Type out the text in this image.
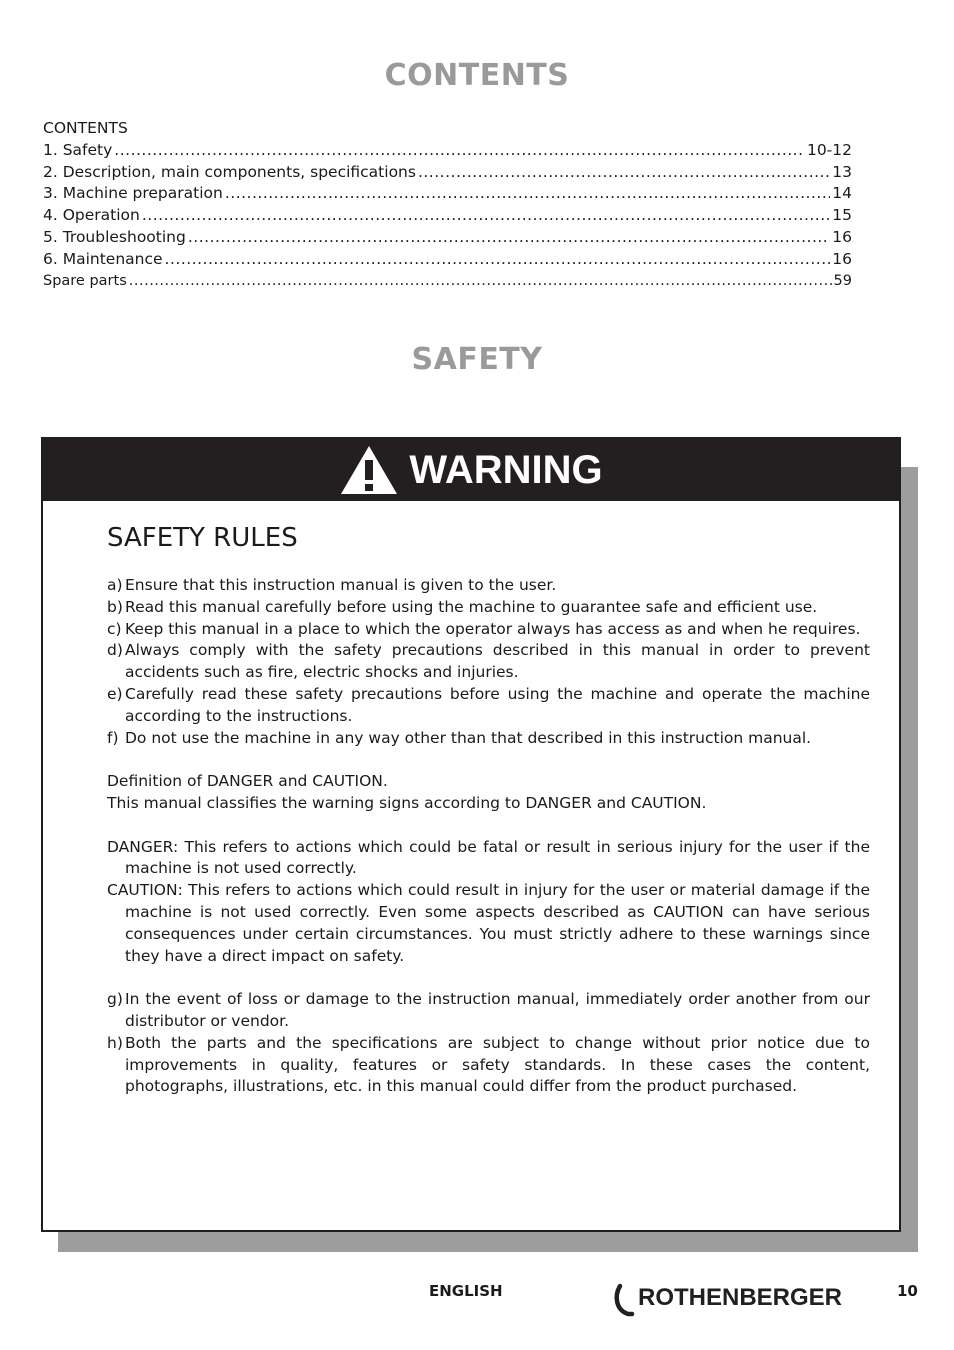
CONTENTS
CONTENTS
1. Safety .....	10-12
2. Description, main components, specifications .....	13
3. Machine preparation .....	14
4. Operation .....	15
5. Troubleshooting .....	16
6. Maintenance .....	16
Spare parts .....	59
SAFETY
WARNING
SAFETY RULES
a) Ensure that this instruction manual is given to the user.
b) Read this manual carefully before using the machine to guarantee safe and efficient use.
c) Keep this manual in a place to which the operator always has access as and when he requires.
d) Always comply with the safety precautions described in this manual in order to prevent accidents such as fire, electric shocks and injuries.
e) Carefully read these safety precautions before using the machine and operate the machine according to the instructions.
f) Do not use the machine in any way other than that described in this instruction manual.

Definition of DANGER and CAUTION.

This manual classifies the warning signs according to DANGER and CAUTION.

DANGER: This refers to actions which could be fatal or result in serious injury for the user if the machine is not used correctly.

CAUTION: This refers to actions which could result in injury for the user or material damage if the machine is not used correctly. Even some aspects described as CAUTION can have serious consequences under certain circumstances. You must strictly adhere to these warnings since they have a direct impact on safety.

g) In the event of loss or damage to the instruction manual, immediately order another from our distributor or vendor.
h) Both the parts and the specifications are subject to change without prior notice due to improvements in quality, features or safety standards. In these cases the content, photographs, illustrations, etc. in this manual could differ from the product purchased.
ENGLISH	ROTHENBERGER	10
